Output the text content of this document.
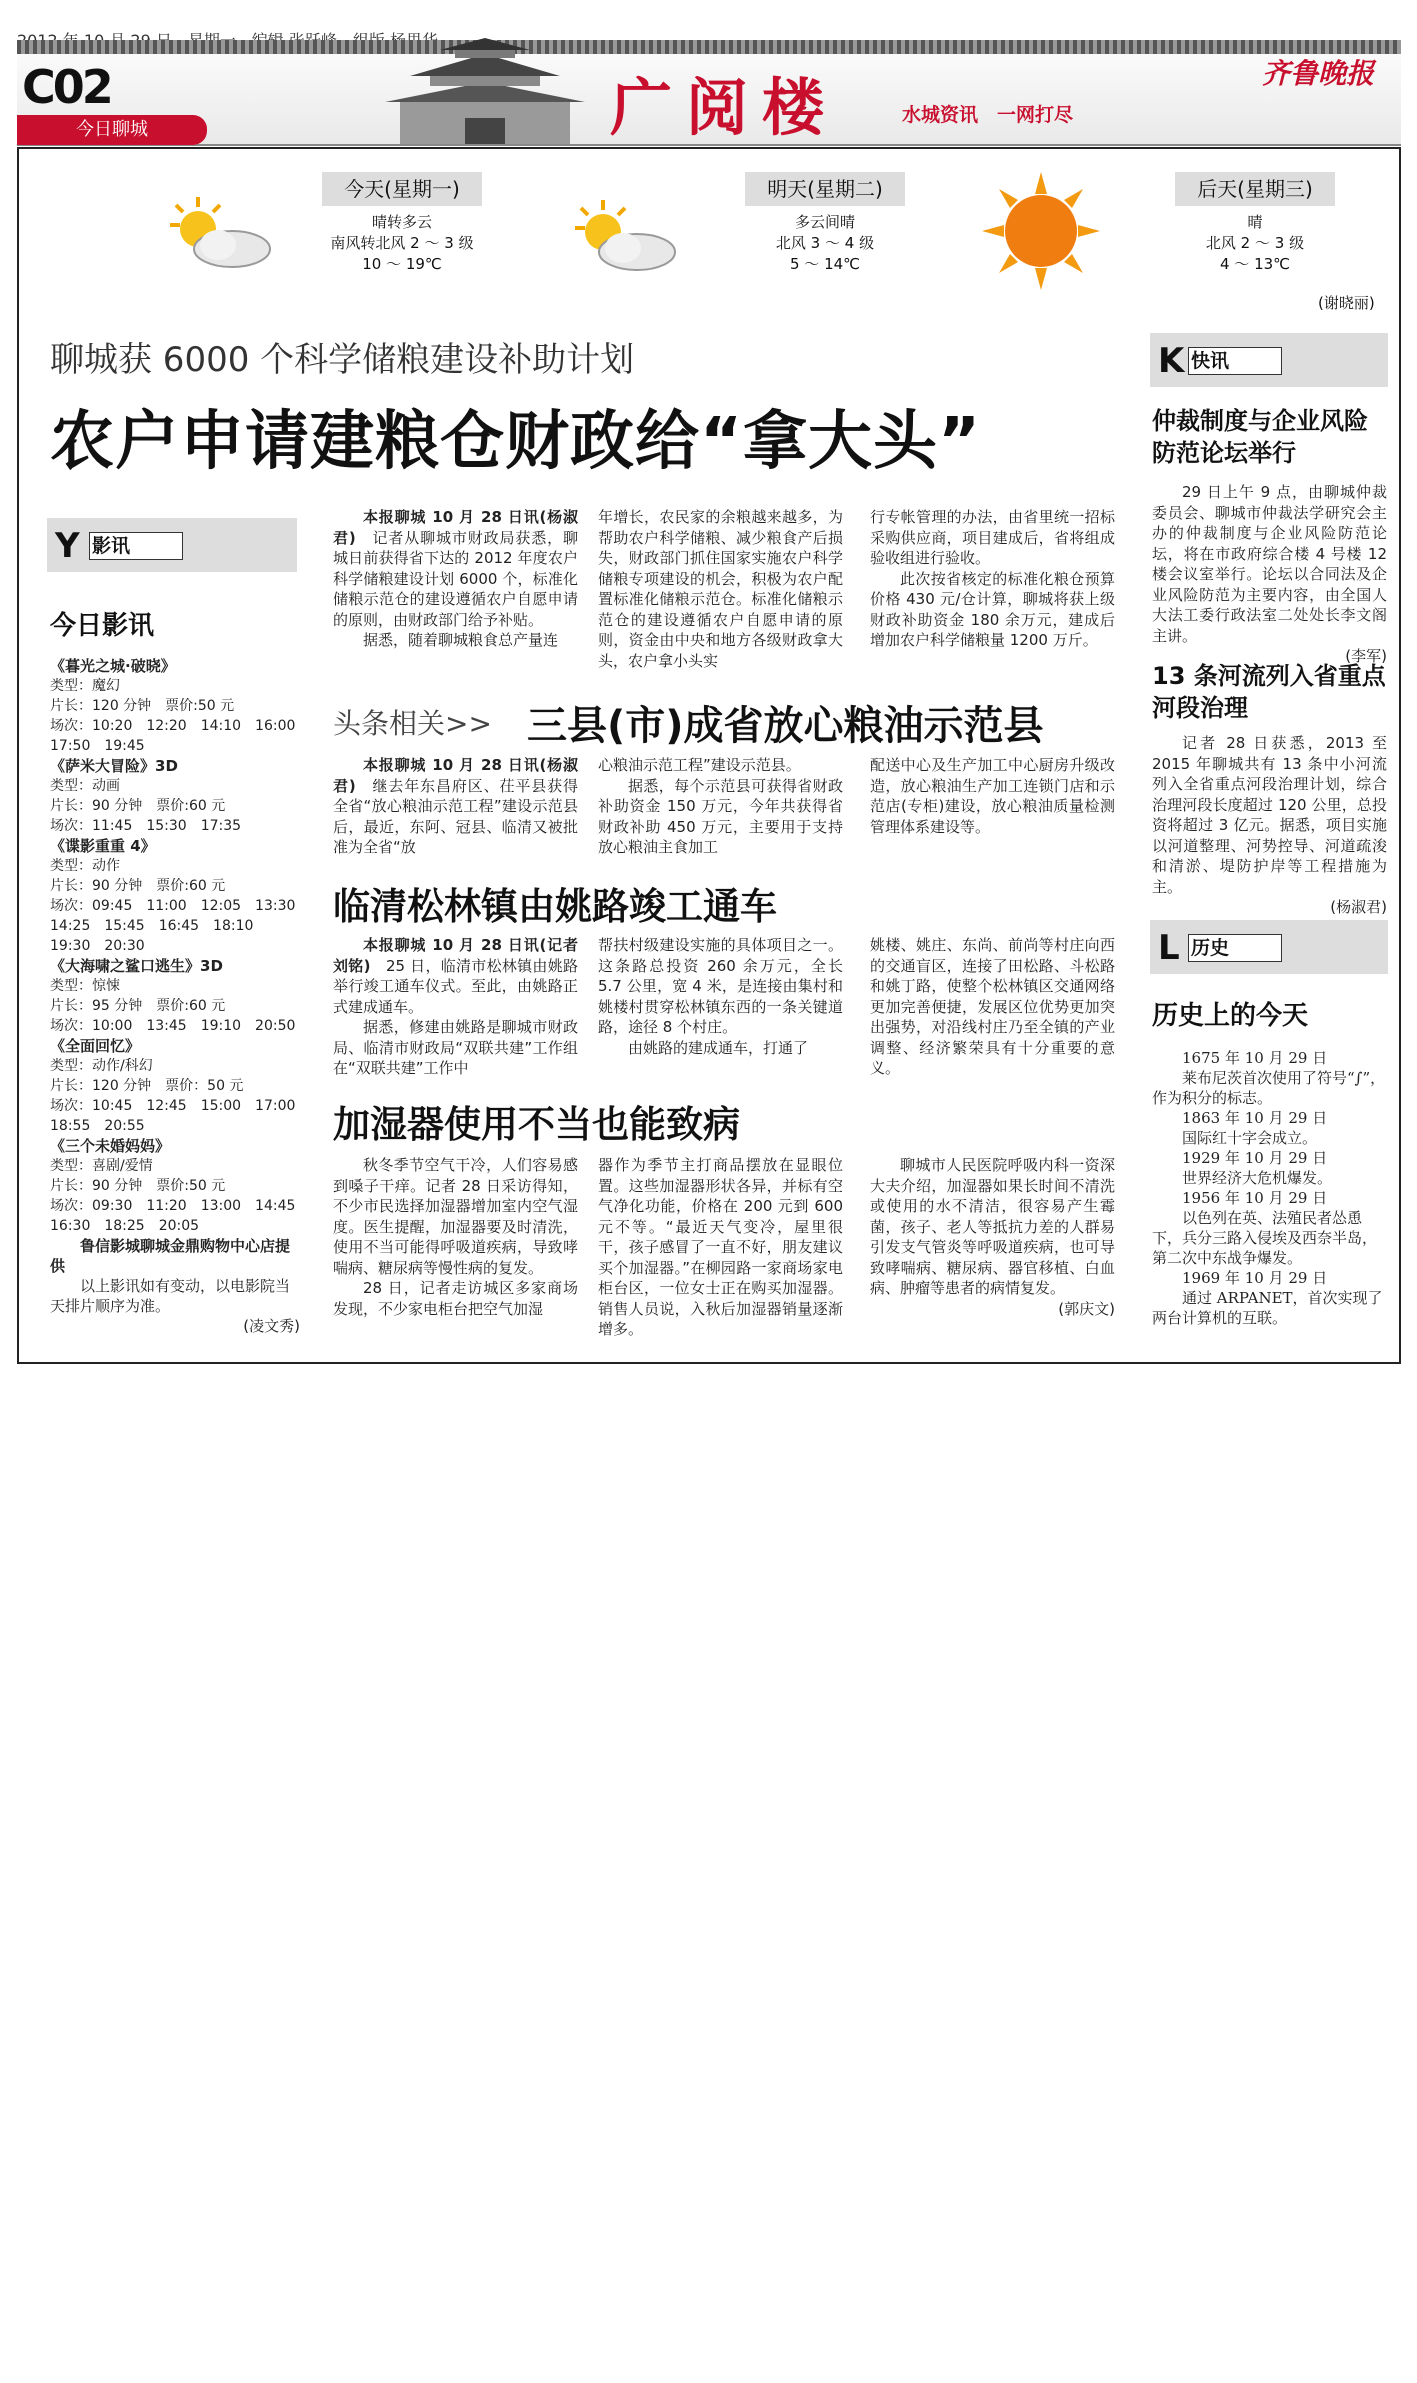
C02
今日聊城	广阅楼	水城资讯　一网打尽
齐鲁晚报
今天(星期一)
晴转多云
南风转北风 2 ～ 3 级
10 ～ 19℃
明天(星期二)
多云间晴
北风 3 ～ 4 级
5 ～ 14℃
后天(星期三)
晴
北风 2 ～ 3 级
4 ～ 13℃
(谢晓丽)
聊城获 6000 个科学储粮建设补助计划
农户申请建粮仓财政给“拿大头”

本报聊城 10 月 28 日讯(杨淑君)　 记者从聊城市财政局获悉，聊城日前获得省下达的 2012 年度农户科学储粮建设计划 6000 个，标准化储粮示范仓的建设遵循农户自愿申请的原则，由财政部门给予补贴。

据悉，随着聊城粮食总产量连

年增长，农民家的余粮越来越多，为帮助农户科学储粮、减少粮食产后损失，财政部门抓住国家实施农户科学储粮专项建设的机会，积极为农户配置标准化储粮示范仓。标准化储粮示范仓的建设遵循农户自愿申请的原则，资金由中央和地方各级财政拿大头，农户拿小头实

行专帐管理的办法，由省里统一招标采购供应商，项目建成后，省将组成验收组进行验收。

此次按省核定的标准化粮仓预算价格 430 元/仓计算，聊城将获上级财政补助资金 180 余万元，建成后增加农户科学储粮量 1200 万斤。

头条相关>> 三县(市)成省放心粮油示范县

本报聊城 10 月 28 日讯(杨淑君)　 继去年东昌府区、茌平县获得全省“放心粮油示范工程”建设示范县后，最近，东阿、冠县、临清又被批准为全省“放

心粮油示范工程”建设示范县。

据悉，每个示范县可获得省财政补助资金 150 万元，今年共获得省财政补助 450 万元，主要用于支持放心粮油主食加工

配送中心及生产加工中心厨房升级改造，放心粮油生产加工连锁门店和示范店(专柜)建设，放心粮油质量检测管理体系建设等。

临清松林镇由姚路竣工通车

本报聊城 10 月 28 日讯(记者 刘铭)　 25 日，临清市松林镇由姚路举行竣工通车仪式。至此，由姚路正式建成通车。

据悉，修建由姚路是聊城市财政局、临清市财政局“双联共建”工作组在“双联共建”工作中

帮扶村级建设实施的具体项目之一。这条路总投资 260 余万元，全长 5.7 公里，宽 4 米，是连接由集村和姚楼村贯穿松林镇东西的一条关键道路，途径 8 个村庄。

由姚路的建成通车，打通了

姚楼、姚庄、东尚、前尚等村庄向西的交通盲区，连接了田松路、斗松路和姚丁路，使整个松林镇区交通网络更加完善便捷，发展区位优势更加突出强势，对沿线村庄乃至全镇的产业调整、经济繁荣具有十分重要的意义。

加湿器使用不当也能致病

秋冬季节空气干冷，人们容易感到嗓子干痒。记者 28 日采访得知，不少市民选择加湿器增加室内空气湿度。医生提醒，加湿器要及时清洗，使用不当可能得呼吸道疾病，导致哮喘病、糖尿病等慢性病的复发。

28 日，记者走访城区多家商场发现，不少家电柜台把空气加湿

器作为季节主打商品摆放在显眼位置。这些加湿器形状各异，并标有空气净化功能，价格在 200 元到 600 元不等。“最近天气变冷，屋里很干，孩子感冒了一直不好，朋友建议买个加湿器。”在柳园路一家商场家电柜台区，一位女士正在购买加湿器。销售人员说，入秋后加湿器销量逐渐增多。

聊城市人民医院呼吸内科一资深大夫介绍，加湿器如果长时间不清洗或使用的水不清洁，很容易产生霉菌，孩子、老人等抵抗力差的人群易引发支气管炎等呼吸道疾病，也可导致哮喘病、糖尿病、器官移植、白血病、肿瘤等患者的病情复发。

(郭庆文)
Y 影讯
今日影讯
《暮光之城·破晓》
类型：魔幻
片长：120 分钟　票价:50 元
场次：10:20　12:20　14:10　16:00　17:50　19:45
《萨米大冒险》3D
类型：动画
片长：90 分钟　票价:60 元
场次：11:45　15:30　17:35
《谍影重重 4》
类型：动作
片长：90 分钟　票价:60 元
场次：09:45　11:00　12:05　13:30　14:25　15:45　16:45　18:10　19:30　20:30
《大海啸之鲨口逃生》3D
类型：惊悚
片长：95 分钟　票价:60 元
场次：10:00　13:45　19:10　20:50
《全面回忆》
类型：动作/科幻
片长：120 分钟　票价：50 元
场次：10:45　12:45　15:00　17:00　18:55　20:55
《三个未婚妈妈》
类型：喜剧/爱情
片长：90 分钟　票价:50 元
场次：09:30　11:20　13:00　14:45　16:30　18:25　20:05
鲁信影城聊城金鼎购物中心店提供
以上影讯如有变动，以电影院当天排片顺序为准。
(凌文秀)
K 快讯
仲裁制度与企业风险防范论坛举行

29 日上午 9 点，由聊城仲裁委员会、聊城市仲裁法学研究会主办的仲裁制度与企业风险防范论坛，将在市政府综合楼 4 号楼 12 楼会议室举行。论坛以合同法及企业风险防范为主要内容，由全国人大法工委行政法室二处处长李文阁主讲。

(李军)
13 条河流列入省重点河段治理

记者 28 日获悉，2013 至 2015 年聊城共有 13 条中小河流列入全省重点河段治理计划，综合治理河段长度超过 120 公里，总投资将超过 3 亿元。据悉，项目实施以河道整理、河势控导、河道疏浚和清淤、堤防护岸等工程措施为主。

(杨淑君)
L 历史
历史上的今天
1675 年 10 月 29 日
莱布尼茨首次使用了符号“∫”，作为积分的标志。
1863 年 10 月 29 日
国际红十字会成立。
1929 年 10 月 29 日
世界经济大危机爆发。
1956 年 10 月 29 日
以色列在英、法殖民者怂恿下，兵分三路入侵埃及西奈半岛，第二次中东战争爆发。
1969 年 10 月 29 日
通过 ARPANET，首次实现了两台计算机的互联。
